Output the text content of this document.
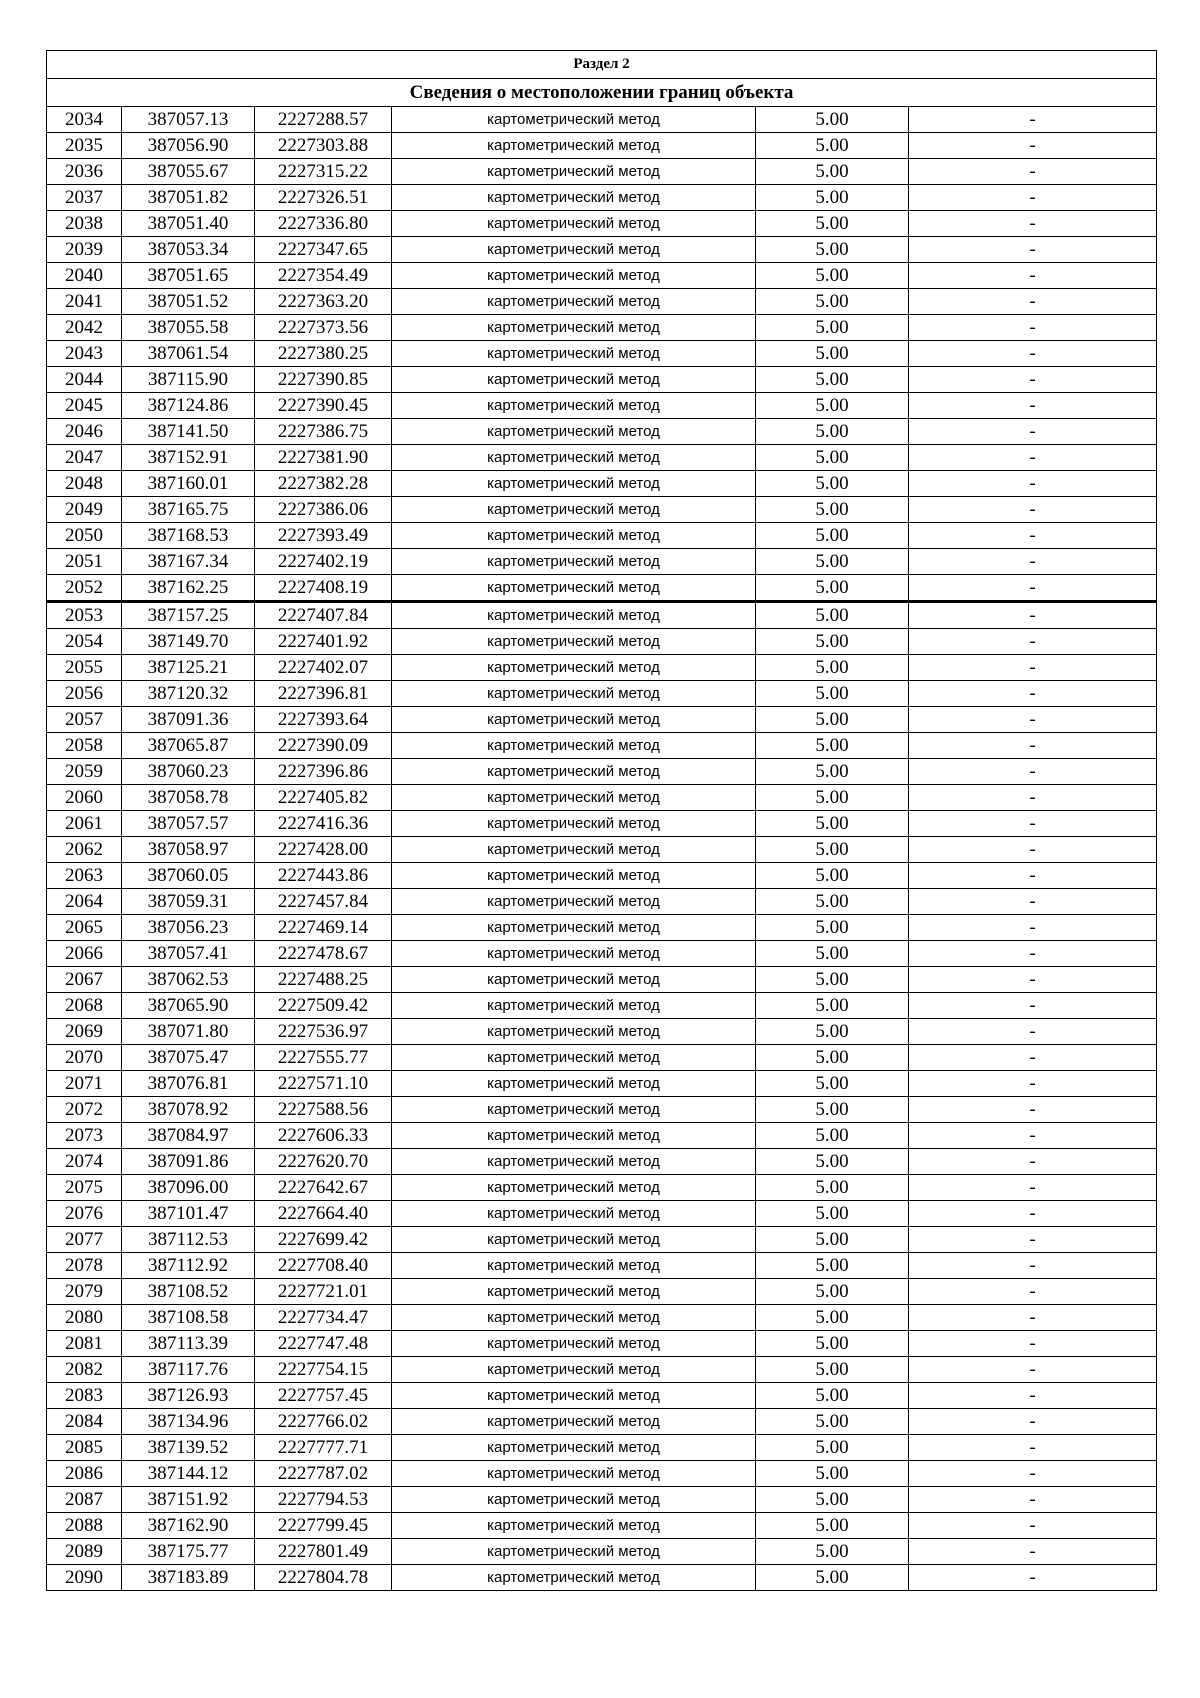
Раздел 2					
Сведения о местоположении границ объекта					
2034	387057.13	2227288.57	картометрический метод	5.00	-
2035	387056.90	2227303.88	картометрический метод	5.00	-
2036	387055.67	2227315.22	картометрический метод	5.00	-
2037	387051.82	2227326.51	картометрический метод	5.00	-
2038	387051.40	2227336.80	картометрический метод	5.00	-
2039	387053.34	2227347.65	картометрический метод	5.00	-
2040	387051.65	2227354.49	картометрический метод	5.00	-
2041	387051.52	2227363.20	картометрический метод	5.00	-
2042	387055.58	2227373.56	картометрический метод	5.00	-
2043	387061.54	2227380.25	картометрический метод	5.00	-
2044	387115.90	2227390.85	картометрический метод	5.00	-
2045	387124.86	2227390.45	картометрический метод	5.00	-
2046	387141.50	2227386.75	картометрический метод	5.00	-
2047	387152.91	2227381.90	картометрический метод	5.00	-
2048	387160.01	2227382.28	картометрический метод	5.00	-
2049	387165.75	2227386.06	картометрический метод	5.00	-
2050	387168.53	2227393.49	картометрический метод	5.00	-
2051	387167.34	2227402.19	картометрический метод	5.00	-
2052	387162.25	2227408.19	картометрический метод	5.00	-
2053	387157.25	2227407.84	картометрический метод	5.00	-
2054	387149.70	2227401.92	картометрический метод	5.00	-
2055	387125.21	2227402.07	картометрический метод	5.00	-
2056	387120.32	2227396.81	картометрический метод	5.00	-
2057	387091.36	2227393.64	картометрический метод	5.00	-
2058	387065.87	2227390.09	картометрический метод	5.00	-
2059	387060.23	2227396.86	картометрический метод	5.00	-
2060	387058.78	2227405.82	картометрический метод	5.00	-
2061	387057.57	2227416.36	картометрический метод	5.00	-
2062	387058.97	2227428.00	картометрический метод	5.00	-
2063	387060.05	2227443.86	картометрический метод	5.00	-
2064	387059.31	2227457.84	картометрический метод	5.00	-
2065	387056.23	2227469.14	картометрический метод	5.00	-
2066	387057.41	2227478.67	картометрический метод	5.00	-
2067	387062.53	2227488.25	картометрический метод	5.00	-
2068	387065.90	2227509.42	картометрический метод	5.00	-
2069	387071.80	2227536.97	картометрический метод	5.00	-
2070	387075.47	2227555.77	картометрический метод	5.00	-
2071	387076.81	2227571.10	картометрический метод	5.00	-
2072	387078.92	2227588.56	картометрический метод	5.00	-
2073	387084.97	2227606.33	картометрический метод	5.00	-
2074	387091.86	2227620.70	картометрический метод	5.00	-
2075	387096.00	2227642.67	картометрический метод	5.00	-
2076	387101.47	2227664.40	картометрический метод	5.00	-
2077	387112.53	2227699.42	картометрический метод	5.00	-
2078	387112.92	2227708.40	картометрический метод	5.00	-
2079	387108.52	2227721.01	картометрический метод	5.00	-
2080	387108.58	2227734.47	картометрический метод	5.00	-
2081	387113.39	2227747.48	картометрический метод	5.00	-
2082	387117.76	2227754.15	картометрический метод	5.00	-
2083	387126.93	2227757.45	картометрический метод	5.00	-
2084	387134.96	2227766.02	картометрический метод	5.00	-
2085	387139.52	2227777.71	картометрический метод	5.00	-
2086	387144.12	2227787.02	картометрический метод	5.00	-
2087	387151.92	2227794.53	картометрический метод	5.00	-
2088	387162.90	2227799.45	картометрический метод	5.00	-
2089	387175.77	2227801.49	картометрический метод	5.00	-
2090	387183.89	2227804.78	картометрический метод	5.00	-
